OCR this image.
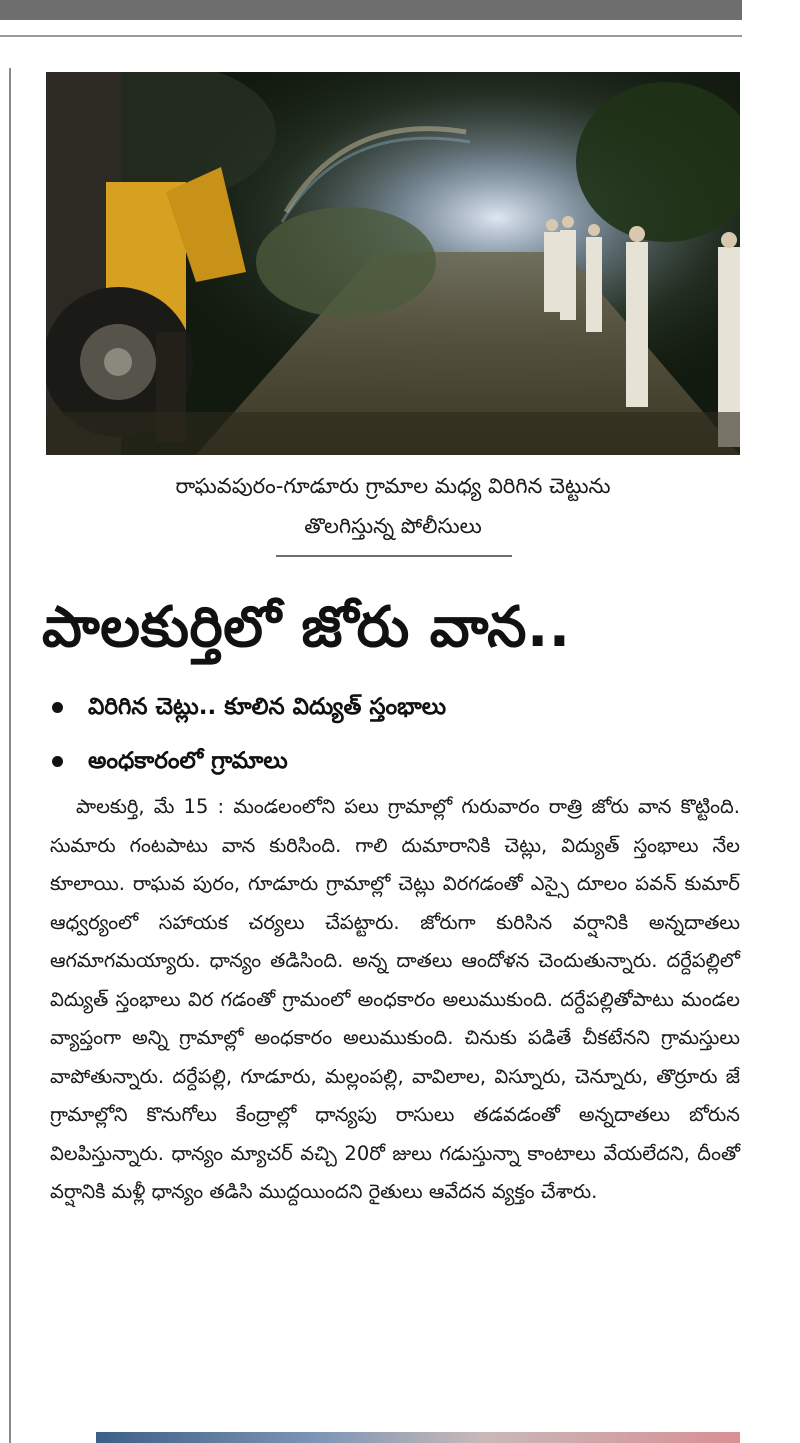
రాఘవపురం-గూడూరు గ్రామాల మధ్య విరిగిన చెట్టును
తొలగిస్తున్న పోలీసులు
పాలకుర్తిలో జోరు వాన..
విరిగిన చెట్లు.. కూలిన విద్యుత్ స్తంభాలు
అంధకారంలో గ్రామాలు

పాలకుర్తి, మే 15 : మండలంలోని పలు గ్రామాల్లో గురువారం రాత్రి జోరు వాన కొట్టింది. సుమారు గంటపాటు వాన కురిసింది. గాలి దుమారానికి చెట్లు, విద్యుత్ స్తంభాలు నేల కూలాయి. రాఘవ పురం, గూడూరు గ్రామాల్లో చెట్లు విరగడంతో ఎస్సై దూలం పవన్ కుమార్ ఆధ్వర్యంలో సహాయక చర్యలు చేపట్టారు. జోరుగా కురిసిన వర్షానికి అన్నదాతలు ఆగమాగమయ్యారు. ధాన్యం తడిసింది. అన్న దాతలు ఆందోళన చెందుతున్నారు. దర్దేపల్లిలో విద్యుత్ స్తంభాలు విర గడంతో గ్రామంలో అంధకారం అలుముకుంది. దర్దేపల్లితోపాటు మండల వ్యాప్తంగా అన్ని గ్రామాల్లో అంధకారం అలుముకుంది. చినుకు పడితే చీకటేనని గ్రామస్తులు వాపోతున్నారు. దర్దేపల్లి, గూడూరు, మల్లంపల్లి, వావిలాల, విస్నూరు, చెన్నూరు, తొర్రూరు జే గ్రామాల్లోని కొనుగోలు కేంద్రాల్లో ధాన్యపు రాసులు తడవడంతో అన్నదాతలు బోరున విలపిస్తున్నారు. ధాన్యం మ్యాచర్ వచ్చి 20రో జులు గడుస్తున్నా కాంటాలు వేయలేదని, దీంతో వర్షానికి మళ్లీ ధాన్యం తడిసి ముద్దయిందని రైతులు ఆవేదన వ్యక్తం చేశారు.
